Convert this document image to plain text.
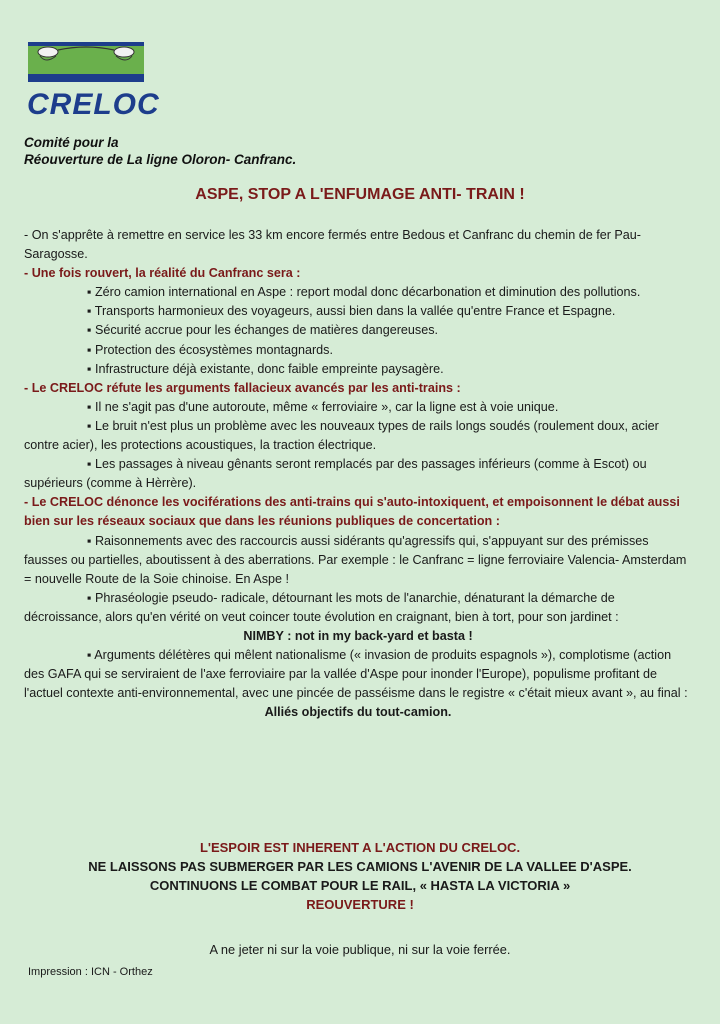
CRELOC
Comité pour la
Réouverture de La ligne Oloron- Canfranc.
ASPE, STOP A L'ENFUMAGE ANTI- TRAIN !

- On s'apprête à remettre en service les 33 km encore fermés entre Bedous et Canfranc du chemin de fer Pau-Saragosse.

- Une fois rouvert, la réalité du Canfranc sera :

▪ Zéro camion international en Aspe : report modal donc décarbonation et diminution des pollutions.

▪ Transports harmonieux des voyageurs, aussi bien dans la vallée qu'entre France et Espagne.

▪ Sécurité accrue pour les échanges de matières dangereuses.

▪ Protection des écosystèmes montagnards.

▪ Infrastructure déjà existante, donc faible empreinte paysagère.

- Le CRELOC réfute les arguments fallacieux avancés par les anti-trains :

▪ Il ne s'agit pas d'une autoroute, même « ferroviaire », car la ligne est à voie unique.

▪ Le bruit n'est plus un problème avec les nouveaux types de rails longs soudés (roulement doux, acier contre acier), les protections acoustiques, la traction électrique.

▪ Les passages à niveau gênants seront remplacés par des passages inférieurs (comme à Escot) ou supérieurs (comme à Hèrrère).

- Le CRELOC dénonce les vociférations des anti-trains qui s'auto-intoxiquent, et empoisonnent le débat aussi bien sur les réseaux sociaux que dans les réunions publiques de concertation :

▪ Raisonnements avec des raccourcis aussi sidérants qu'agressifs qui, s'appuyant sur des prémisses fausses ou partielles, aboutissent à des aberrations. Par exemple : le Canfranc = ligne ferroviaire Valencia- Amsterdam = nouvelle Route de la Soie chinoise. En Aspe !

▪ Phraséologie pseudo- radicale, détournant les mots de l'anarchie, dénaturant la démarche de décroissance, alors qu'en vérité on veut coincer toute évolution en craignant, bien à tort, pour son jardinet :

NIMBY : not in my back-yard et basta !

▪ Arguments délétères qui mêlent nationalisme (« invasion de produits espagnols »), complotisme (action des GAFA qui se serviraient de l'axe ferroviaire par la vallée d'Aspe pour inonder l'Europe), populisme profitant de l'actuel contexte anti-environnemental, avec une pincée de passéisme dans le registre « c'était mieux avant », au final :

Alliés objectifs du tout-camion.

L'ESPOIR EST INHERENT A L'ACTION DU CRELOC.
NE LAISSONS PAS SUBMERGER PAR LES CAMIONS L'AVENIR DE LA VALLEE D'ASPE.
CONTINUONS LE COMBAT POUR LE RAIL, « HASTA LA VICTORIA »
REOUVERTURE !
A ne jeter ni sur la voie publique, ni sur la voie ferrée.
Impression : ICN - Orthez
